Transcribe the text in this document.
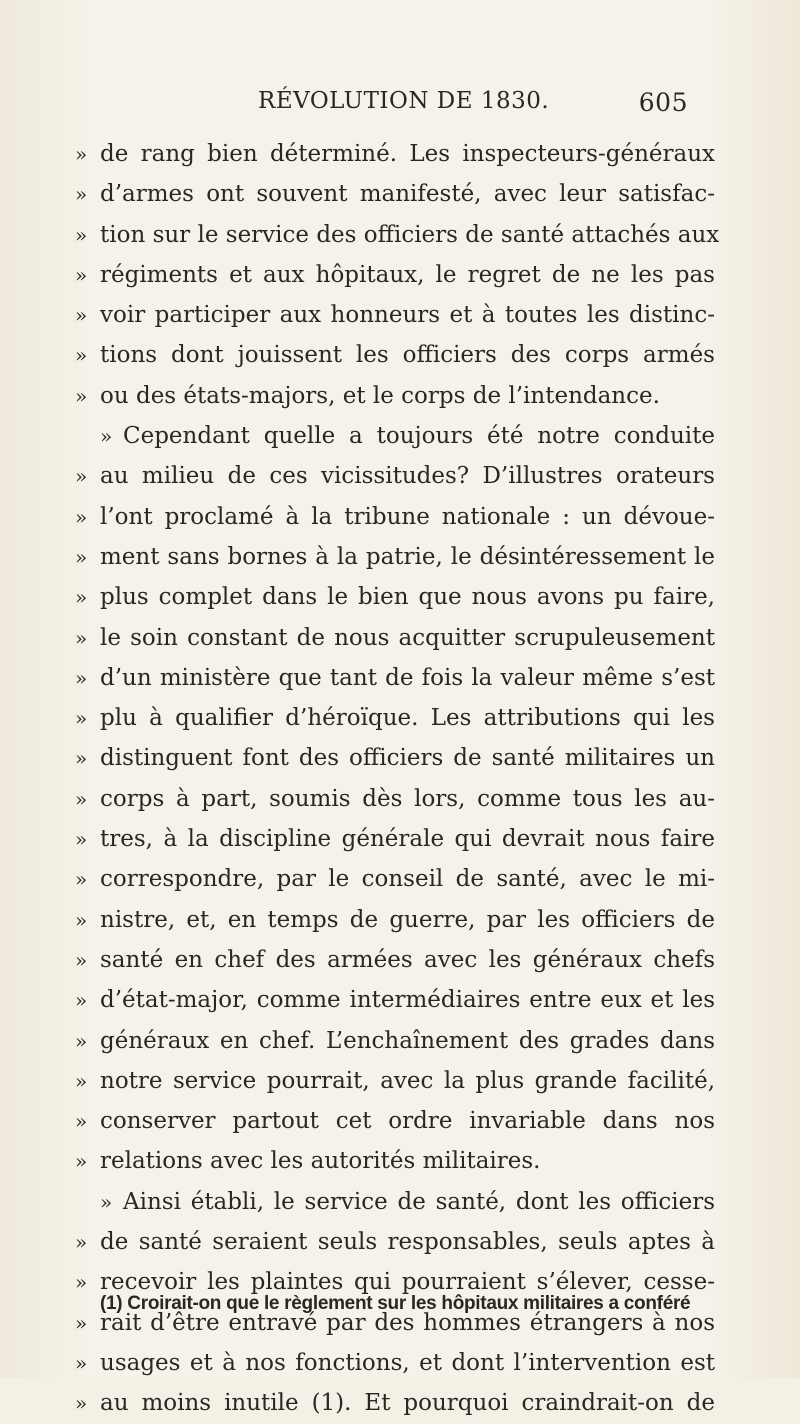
RÉVOLUTION DE 1830.	605
» de rang bien déterminé. Les inspecteurs-généraux
» d’armes ont souvent manifesté, avec leur satisfac-
» tion sur le service des officiers de santé attachés aux
» régiments et aux hôpitaux, le regret de ne les pas
» voir participer aux honneurs et à toutes les distinc-
» tions dont jouissent les officiers des corps armés
» ou des états-majors, et le corps de l’intendance.
» Cependant quelle a toujours été notre conduite
» au milieu de ces vicissitudes? D’illustres orateurs
» l’ont proclamé à la tribune nationale : un dévoue-
» ment sans bornes à la patrie, le désintéressement le
» plus complet dans le bien que nous avons pu faire,
» le soin constant de nous acquitter scrupuleusement
» d’un ministère que tant de fois la valeur même s’est
» plu à qualifier d’héroïque. Les attributions qui les
» distinguent font des officiers de santé militaires un
» corps à part, soumis dès lors, comme tous les au-
» tres, à la discipline générale qui devrait nous faire
» correspondre, par le conseil de santé, avec le mi-
» nistre, et, en temps de guerre, par les officiers de
» santé en chef des armées avec les généraux chefs
» d’état-major, comme intermédiaires entre eux et les
» généraux en chef. L’enchaînement des grades dans
» notre service pourrait, avec la plus grande facilité,
» conserver partout cet ordre invariable dans nos
» relations avec les autorités militaires.
» Ainsi établi, le service de santé, dont les officiers
» de santé seraient seuls responsables, seuls aptes à
» recevoir les plaintes qui pourraient s’élever, cesse-
» rait d’être entravé par des hommes étrangers à nos
» usages et à nos fonctions, et dont l’intervention est
» au moins inutile (1). Et pourquoi craindrait-on de
(1) Croirait-on que le règlement sur les hôpitaux militaires a conféré
